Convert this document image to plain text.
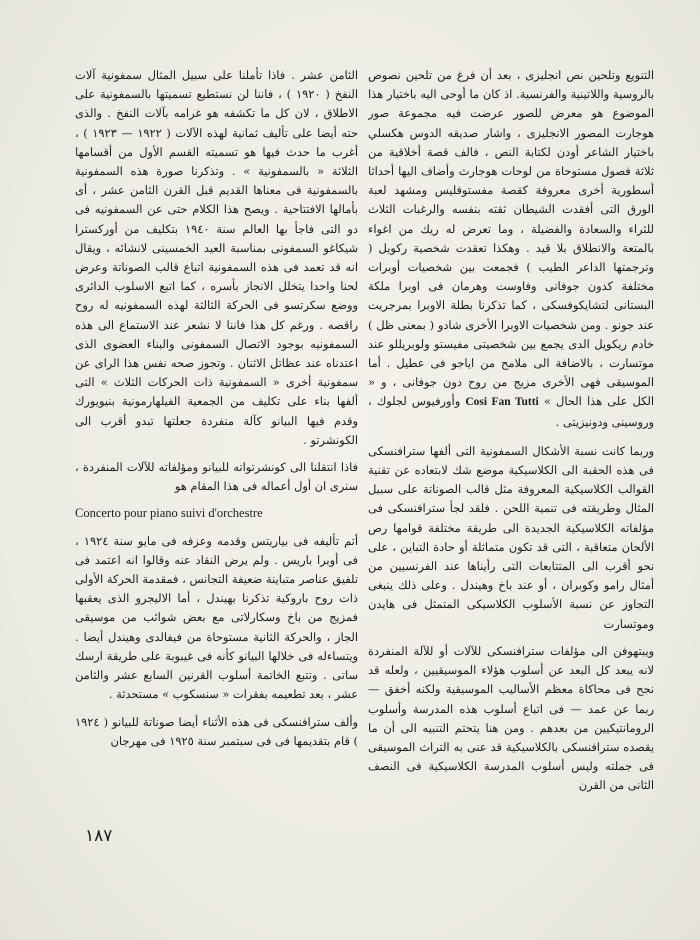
التنويع وتلحين نص انجليزى ، بعد أن فرغ من تلحين نصوص بالروسية واللاتينية والفرنسية. اذ كان ما أوحى اليه باختيار هذا الموضوع هو معرض للصور عرضت فيه مجموعة صور هوجارت المصور الانجليزى ، واشار صديقه الدوس هكسلي باختيار الشاعر أودن لكتابة النص ، فالف قصة أخلاقية من ثلاثة فصول مستوحاة من لوحات هوجارث وأضاف اليها أحداثا أسطورية أخرى معروفة كقصة مفستوفليس ومشهد لعبة الورق التى أفقدت الشيطان ثقته بنفسه والرغبات الثلاث للثراء والسعادة والفضيلة ، وما تعرض له ريك من اغواء بالمتعة والانطلاق بلا قيد . وهكذا تعقدت شخصية ركويل ( وترجمتها الداعر الطيب ) فجمعت بين شخصيات أوبرات مختلفة كدون جوفانى وفاوست وهرمان فى اوبرا ملكة البستانى لتشايكوفسكى ، كما تذكرنا بطلة الاوبرا بمرجريت عند جونو . ومن شخصيات الاوبرا الأخرى شادو ( بمعنى ظل ) خادم ريكويل الدى يجمع بين شخصيتى مفيستو ولوبريللو عند موتسارت ، بالاضافة الى ملامح من اياجو فى عطيل . أما الموسيقى فهى الأخرى مزيج من روح دون جوفانى ، و « الكل على هذا الحال » Cosi Fan Tutti وأورفيوس لجلوك ، وروسينى ودونيزيتى .

وربما كانت نسبة الأشكال السمفونية التى ألفها سترافنسكى فى هذه الحقبة الى الكلاسيكية موضع شك لابتعاده عن تقنية القوالب الكلاسيكية المعروفة مثل قالب الصوناتة على سبيل المثال وطريقته فى تنمية اللحن . فلقد لجأ سترافنسكى فى مؤلفاته الكلاسيكية الجديدة الى طريقة مختلفة قوامها رص الألحان متعاقبة ، التى قد تكون متماثلة أو حادة التباين ، على نحو أقرب الى المتتابعات التى رأيناها عند الفرنسيين من أمثال رامو وكوبران ، أو عند باخ وهيندل . وعلى ذلك ينبغى التجاوز عن نسبة الأسلوب الكلاسيكى المتمثل فى هايدن وموتسارت

ويبتهوفن الى مؤلفات سترافنسكى للآلات أو للآلة المنفردة لانه يبعد كل البعد عن أسلوب هؤلاء الموسيقيين ، ولعله قد نجح فى محاكاة معظم الأساليب الموسيقية ولكنه أخفق — ربما عن عمد — فى اتباع أسلوب هذه المدرسة وأسلوب الرومانتيكيين من بعدهم . ومن هنا يتحتم التنبيه الى أن ما يقصده سترافنسكى بالكلاسيكية قد عنى به التراث الموسيقى فى جملته وليس أسلوب المدرسة الكلاسيكية فى النصف الثانى من القرن

الثامن عشر . فاذا تأملنا على سبيل المثال سمفونية آلات النفخ ( ١٩٢٠ ) ، فاننا لن نستطيع تسميتها بالسمفونية على الاطلاق ، لان كل ما تكشفه هو غرامه بآلات النفخ . والذى حته أيضا على تأليف ثمانية لهذه الآلات ( ١٩٢٢ — ١٩٢٣ ) ، أغرب ما حدث فيها هو تسميته القسم الأول من أقسامها الثلاثة « بالسمفونية » . وتذكرنا صورة هذه السمفونية بالسمفونية فى معناها القديم قبل القرن الثامن عشر ، أى بأمالها الافتتاحية . ويصح هذا الكلام حتى عن السمفونيه فى دو التى فاجأ بها العالم سنة ١٩٤٠ بتكليف من أوركسترا شيكاغو السمفونى بمناسبة العيد الخمسينى لانشائه ، ويقال انه قد تعمد فى هذه السمفونية اتباع قالب الصوناتة وعرض لحنا واحدا يتخلل الانجاز بأسره ، كما اتبع الاسلوب الدائرى ووضع سكرتسو فى الحركة الثالثة لهذه السمفونيه له روح راقصه . ورغم كل هذا فاننا لا نشعر عند الاستماع الى هذه السمفونيه بوجود الاتصال السمفونى والبناء العضوى الذى اعتدناه عند عظاتل الاثنان . وتجوز صحه نفس هذا الراى عن سمفونية أخرى « السمفونية ذات الحركات الثلاث » التى ألفها بناء على تكليف من الجمعية الفيلهارمونية بنيويورك وقدم فيها البيانو كآلة منفردة جعلتها تبدو أقرب الى الكونشرتو .

فاذا انتقلنا الى كونشرتواته للبيانو ومؤلفاته للآلات المنفردة ، سنرى ان أول أعماله فى هذا المقام هو

Concerto pour piano suivi d'orchestre

أتم تأليفه فى بياريتس وقدمه وعزفه فى مايو سنة ١٩٢٤ ، فى أوبرا باريس . ولم يرض النقاد عنه وقالوا انه اعتمد فى تلفيق عناصر متباينة ضعيفة التجانس ، فمقدمة الحركة الأولى ذات روح باروكية تذكرنا بهيندل ، أما الاليجرو الذى يعقبها فمزيج من باخ وسكارلاتى مع بعض شوائب من موسيقى الجاز ، والحركة الثانية مستوحاة من فيفالدى وهيندل أيضا . ويتساءله فى خلالها البيانو كأنه فى غيبوبة على طريقة ارسك ساتى . وتتبع الخاتمة أسلوب القرنين السابع عشر والثامن عشر ، بعد تطعيمه بفقرات « سنسكوب » مستحدثة .

وألف سترافنسكى فى هذه الأثناء أيضا صوناتة للبيانو ( ١٩٢٤ ) قام بتقديمها فى فى سبتمبر سنة ١٩٢٥ فى مهرجان

١٨٧
